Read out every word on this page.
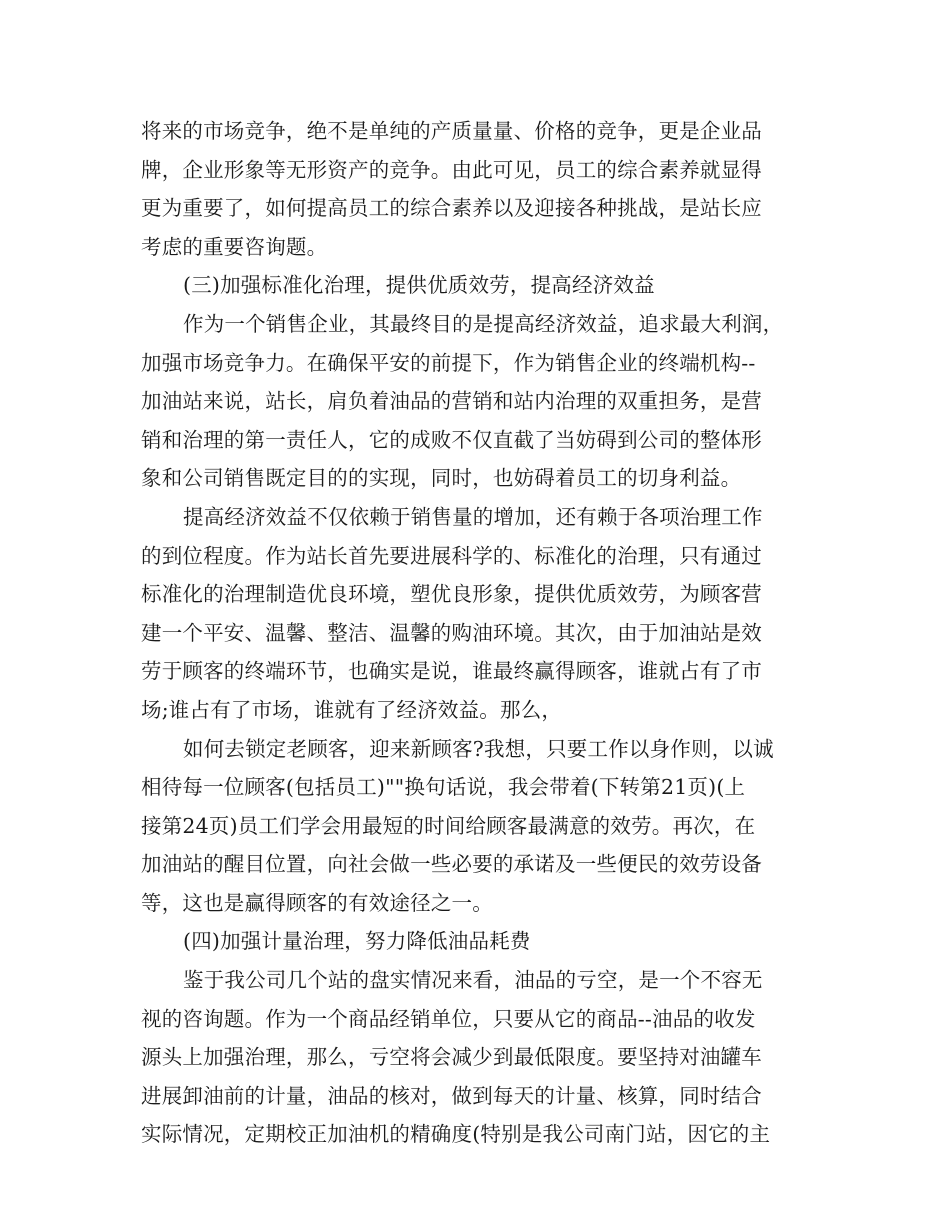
将来的市场竞争，绝不是单纯的产质量量、价格的竞争，更是企业品
牌，企业形象等无形资产的竞争。由此可见，员工的综合素养就显得
更为重要了，如何提高员工的综合素养以及迎接各种挑战，是站长应
考虑的重要咨询题。
(三)加强标准化治理，提供优质效劳，提高经济效益
作为一个销售企业，其最终目的是提高经济效益，追求最大利润，
加强市场竞争力。在确保平安的前提下，作为销售企业的终端机构--
加油站来说，站长，肩负着油品的营销和站内治理的双重担务，是营
销和治理的第一责任人，它的成败不仅直截了当妨碍到公司的整体形
象和公司销售既定目的的实现，同时，也妨碍着员工的切身利益。
提高经济效益不仅依赖于销售量的增加，还有赖于各项治理工作
的到位程度。作为站长首先要进展科学的、标准化的治理，只有通过
标准化的治理制造优良环境，塑优良形象，提供优质效劳，为顾客营
建一个平安、温馨、整洁、温馨的购油环境。其次，由于加油站是效
劳于顾客的终端环节，也确实是说，谁最终赢得顾客，谁就占有了市
场;谁占有了市场，谁就有了经济效益。那么，
如何去锁定老顾客，迎来新顾客?我想，只要工作以身作则，以诚
相待每一位顾客(包括员工)""换句话说，我会带着(下转第21页)(上
接第24页)员工们学会用最短的时间给顾客最满意的效劳。再次，在
加油站的醒目位置，向社会做一些必要的承诺及一些便民的效劳设备
等，这也是赢得顾客的有效途径之一。
(四)加强计量治理，努力降低油品耗费
鉴于我公司几个站的盘实情况来看，油品的亏空，是一个不容无
视的咨询题。作为一个商品经销单位，只要从它的商品--油品的收发
源头上加强治理，那么，亏空将会减少到最低限度。要坚持对油罐车
进展卸油前的计量，油品的核对，做到每天的计量、核算，同时结合
实际情况，定期校正加油机的精确度(特别是我公司南门站，因它的主
